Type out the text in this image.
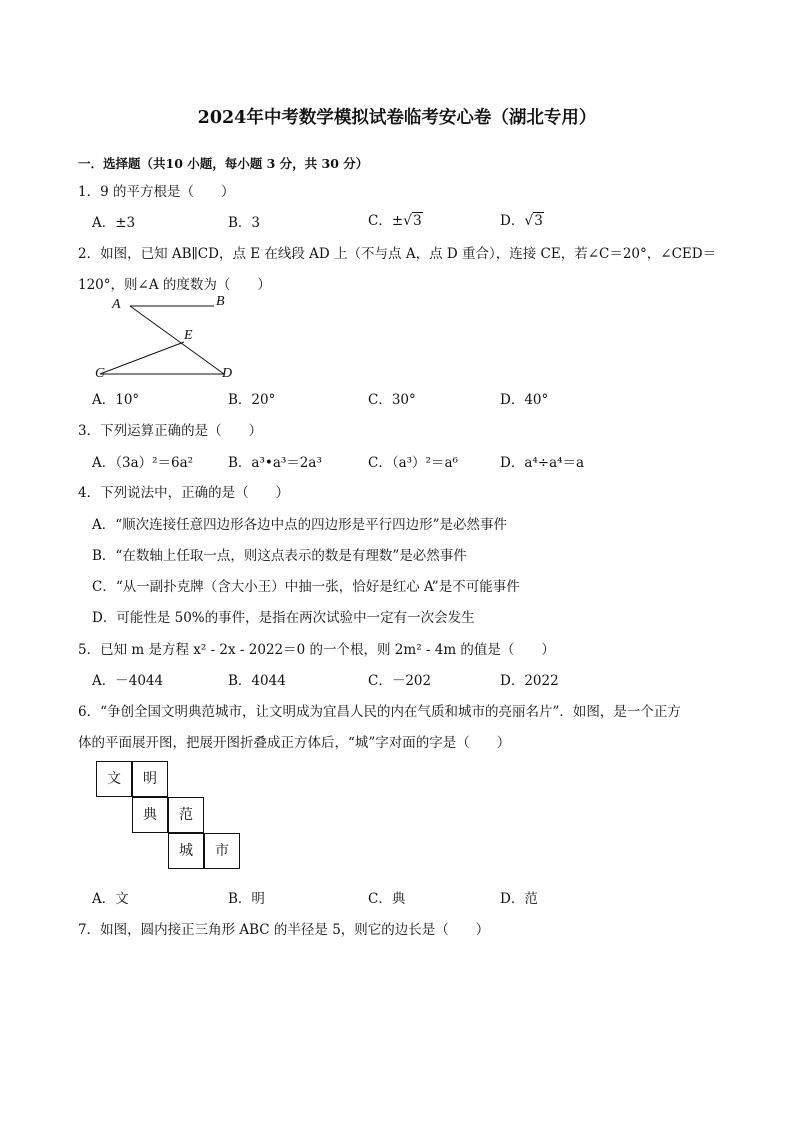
2024年中考数学模拟试卷临考安心卷（湖北专用）
一．选择题（共10 小题，每小题 3 分，共 30 分）
1．9 的平方根是（　　）
A．±3	B．3	C．±√3	D．√3
2．如图，已知 AB∥CD，点 E 在线段 AD 上（不与点 A，点 D 重合），连接 CE，若∠C＝20°，∠CED＝
120°，则∠A 的度数为（　　）
A	B
E
C	D
A．10°	B．20°	C．30°	D．40°
3．下列运算正确的是（　　）
A．（3a）²＝6a²	B．a³•a³＝2a³	C．（a³）²＝a⁶	D．a⁴÷a⁴＝a
4．下列说法中，正确的是（　　）
A．“顺次连接任意四边形各边中点的四边形是平行四边形”是必然事件
B．“在数轴上任取一点，则这点表示的数是有理数”是必然事件
C．“从一副扑克牌（含大小王）中抽一张，恰好是红心 A”是不可能事件
D．可能性是 50%的事件，是指在两次试验中一定有一次会发生
5．已知 m 是方程 x² - 2x - 2022＝0 的一个根，则 2m² - 4m 的值是（　　）
A．－4044	B．4044	C．－202	D．2022
6．“争创全国文明典范城市，让文明成为宜昌人民的内在气质和城市的亮丽名片”．如图，是一个正方
体的平面展开图，把展开图折叠成正方体后，“城”字对面的字是（　　）
文	明
典	范
城	市
A．文	B．明	C．典	D．范
7．如图，圆内接正三角形 ABC 的半径是 5，则它的边长是（　　）
